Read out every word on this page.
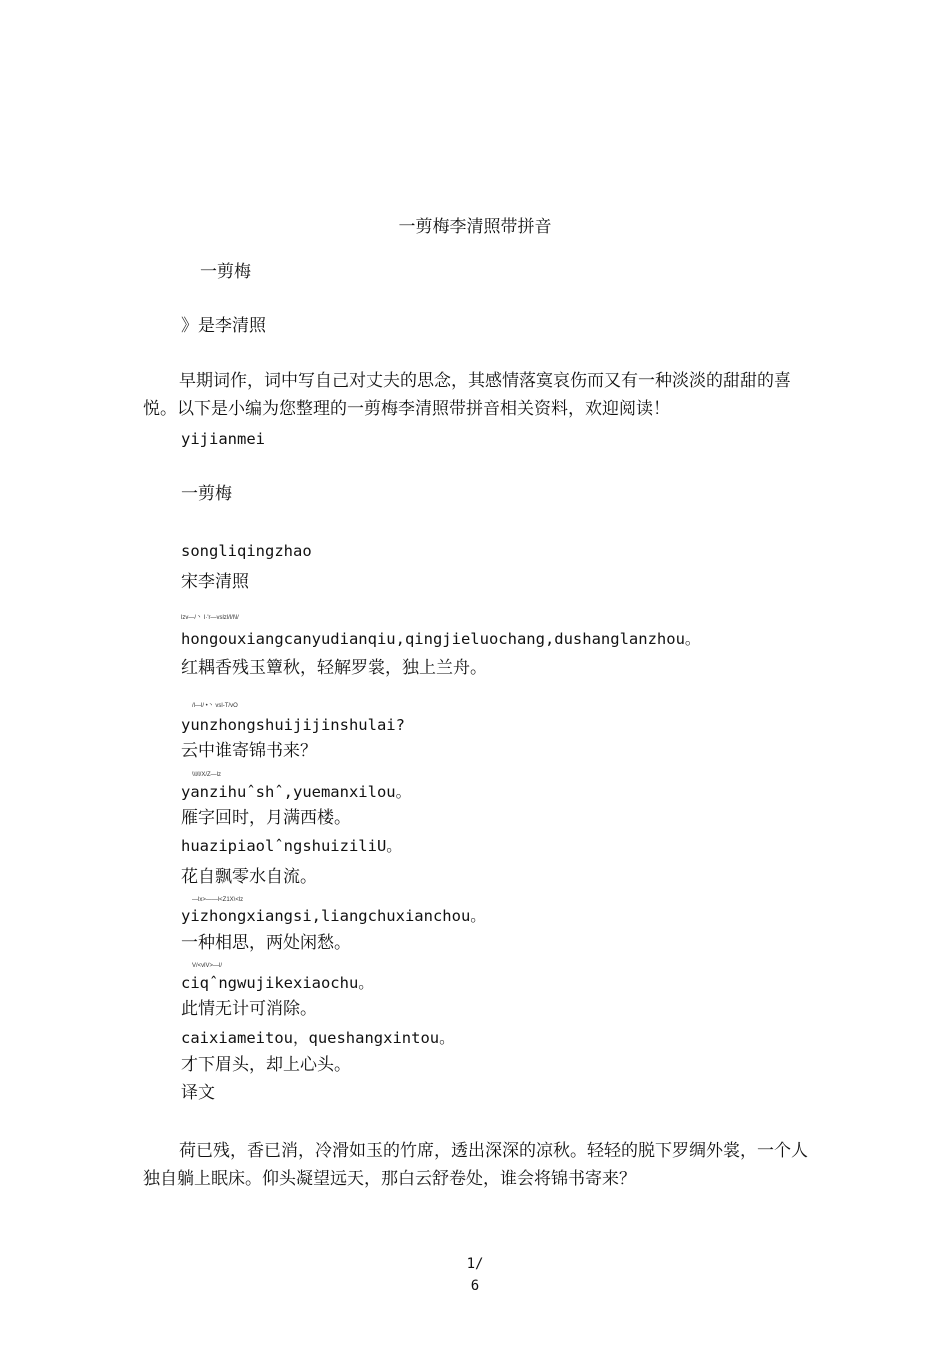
一剪梅李清照带拼音
一剪梅
》是李清照
早期词作，词中写自己对丈夫的思念，其感情落寞哀伤而又有一种淡淡的甜甜的喜悦。以下是小编为您整理的一剪梅李清照带拼音相关资料，欢迎阅读！
yijianmei
一剪梅
songliqingzhao
宋李清照
lzv—/丶 I·'r—vslzl/l/l\l/
hongouxiangcanyudianqiu,qingjieluochang,dushanglanzhou。
红耦香残玉簟秋，轻解罗裳，独上兰舟。
/l—l/ •丶 vsl-T/vO
yunzhongshuijijinshulai?
云中谁寄锦书来？
\\l/l/X/Z—lz
yanzihuˆshˆ,yuemanxilou。
雁字回时，月满西楼。
huazipiaolˆngshuiziliU。
花自飘零水自流。
—lx>——l<Z1X\<lz
yizhongxiangsi,liangchuxianchou。
一种相思，两处闲愁。
V/<vlV>—l/
ciqˆngwujikexiaochu。
此情无计可消除。
caixiameitou，queshangxintou。
才下眉头，却上心头。
译文
荷已残，香已消，冷滑如玉的竹席，透出深深的凉秋。轻轻的脱下罗绸外裳，一个人独自躺上眠床。仰头凝望远天，那白云舒卷处，谁会将锦书寄来？
1/
6
